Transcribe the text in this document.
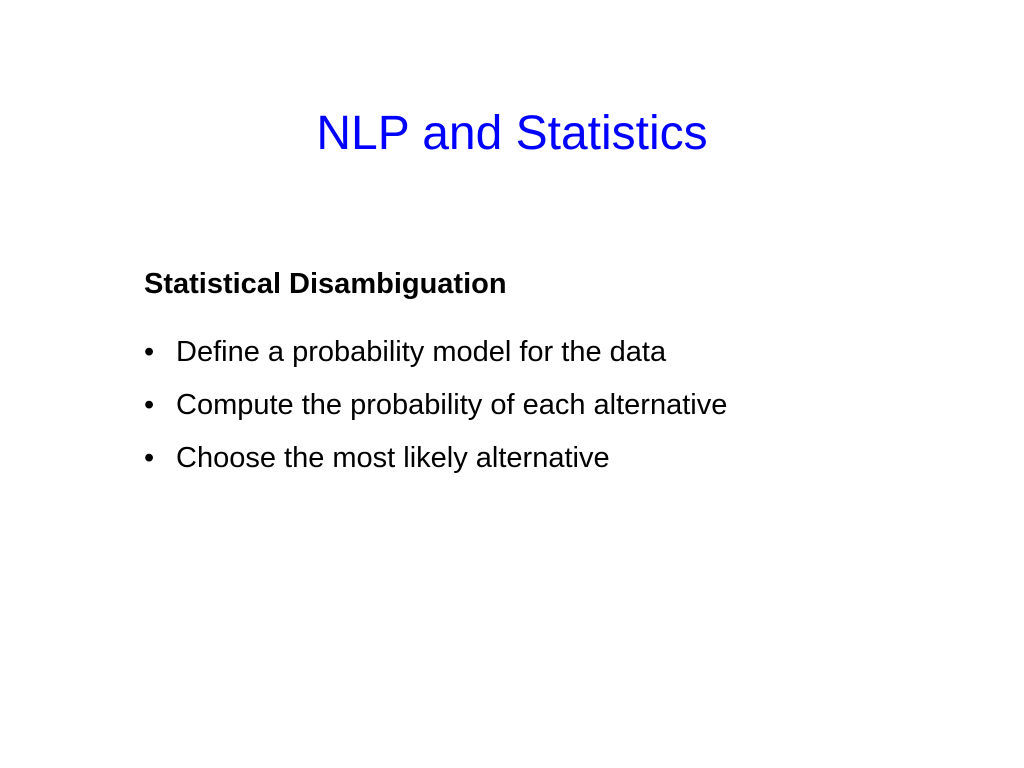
NLP and Statistics
Statistical Disambiguation
• Define a probability model for the data
• Compute the probability of each alternative
• Choose the most likely alternative
